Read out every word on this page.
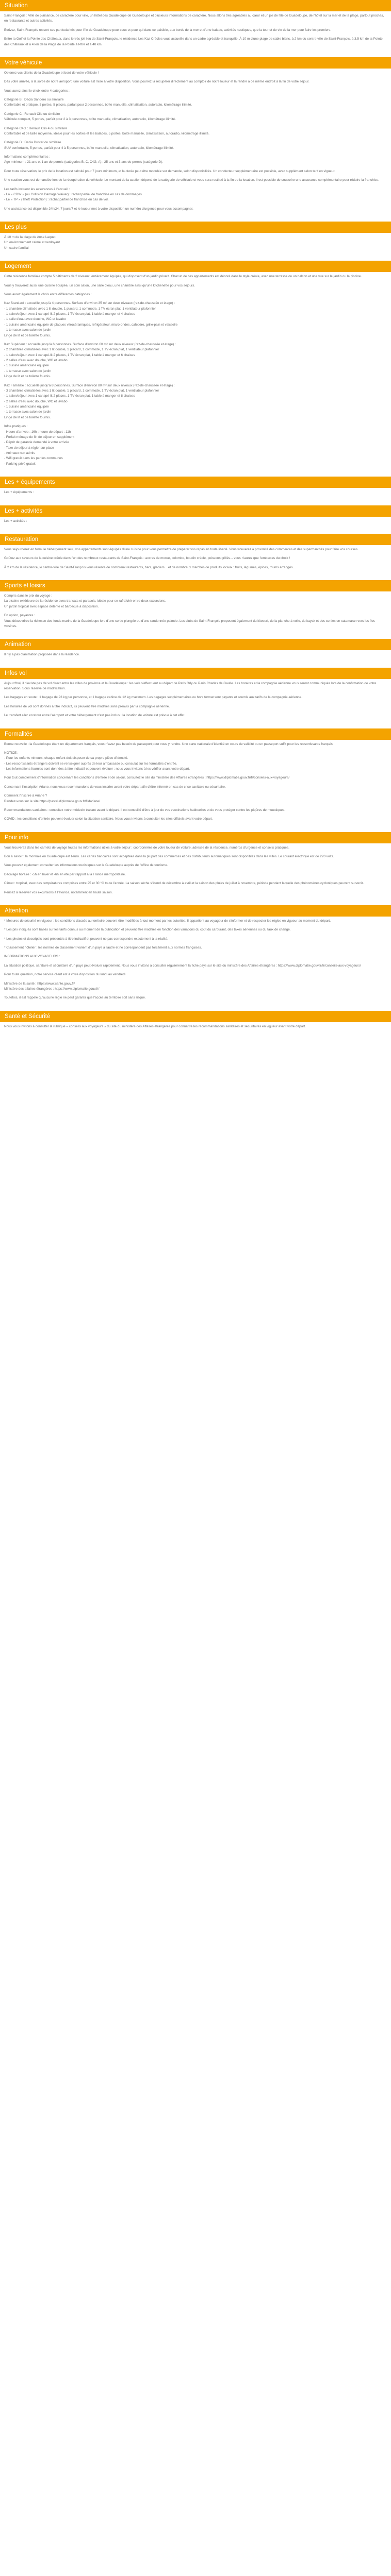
Situation

Saint-François : Ville de plaisance, de caractère pour ville, un hôtel des Guadeloupe de Guadeloupe et plusieurs informations de caractère. Nous allons très agréables au cœur et un joli de l'île de Guadeloupe, de l'hôtel sur la mer et de la plage, partout proches, en restaurants et autres activités.

Ecrivez, Saint-François ressort ses particularités pour l'île de Guadeloupe pour ceux et pour qui dans ce paisible, aux bords de la mer et d'une balade, activités nautiques, que la tour et de vie de la mer pour faire les premiers.

Entre la Golf et la Pointe des Châteaux, dans le très joli lieu de Saint-François, le résidence Les Kaz Créoles vous accueille dans un cadre agréable et tranquille. À 10 m d'une plage de sable blanc, à 2 km du centre-ville de Saint-François, à 3.5 km de la Pointe des Châteaux et à 4 km de la Plage de la Pointe à Pitre et à 40 km.

Votre véhicule

Obtenez vos clients de la Guadeloupe et bord de votre véhicule !

Dès votre arrivée, à la sortie de notre aéroport, une voiture est mise à votre disposition. Vous pourrez la récupérer directement au comptoir de notre loueur et la rendre à ce même endroit à la fin de votre séjour.

Vous aurez ainsi le choix entre 4 catégories :

Catégorie B : Dacia Sandero ou similaire
Confortable et pratique, 5 portes, 5 places, parfait pour 2 personnes, boîte manuelle, climatisation, autoradio, kilométrage illimité.

Catégorie C : Renault Clio ou similaire
Véhicule compact, 5 portes, parfait pour 2 à 3 personnes, boîte manuelle, climatisation, autoradio, kilométrage illimité.

Catégorie C4G : Renault Clio 4 ou similaire
Confortable et de taille moyenne, idéale pour les sorties et les balades, 5 portes, boîte manuelle, climatisation, autoradio, kilométrage illimité.

Catégorie D : Dacia Duster ou similaire
SUV confortable, 5 portes, parfait pour 4 à 5 personnes, boîte manuelle, climatisation, autoradio, kilométrage illimité.

Informations complémentaires :
Âge minimum : 21 ans et 1 an de permis (catégories B, C, C4G, A) ; 25 ans et 3 ans de permis (catégorie D).

Pour toute réservation, le prix de la location est calculé pour 7 jours minimum, et la durée peut être modulée sur demande, selon disponibilités. Un conducteur supplémentaire est possible, avec supplément selon tarif en vigueur.

Une caution vous est demandée lors de la récupération du véhicule. Le montant de la caution dépend de la catégorie de véhicule et vous sera restitué à la fin de la location. Il est possible de souscrire une assurance complémentaire pour réduire la franchise.

Les tarifs incluent les assurances à l'accueil :
- La « CDW » (ou Collision Damage Waiver) : rachat partiel de franchise en cas de dommages.
- Le « TP » (Theft Protection) : rachat partiel de franchise en cas de vol.

Une assistance est disponible 24h/24, 7 jours/7 et le loueur met à votre disposition un numéro d'urgence pour vous accompagner.

Les plus

À 10 m de la plage de Anse Laquet
Un environnement calme et verdoyant
Un cadre familial

Logement

Cette résidence familiale compte 5 bâtiments de 2 niveaux, entièrement équipés, qui disposent d'un jardin privatif. Chacun de ces appartements est décoré dans le style créole, avec une terrasse ou un balcon et une vue sur le jardin ou la piscine.

Vous y trouverez aussi une cuisine équipée, un coin salon, une salle d'eau, une chambre ainsi qu'une kitchenette pour vos séjours.

Vous aurez également le choix entre différentes catégories :

Kaz Standard : accueille jusqu'à 4 personnes. Surface d'environ 35 m² sur deux niveaux (rez-de-chaussée et étage) :
- 1 chambre climatisée avec 1 lit double, 1 placard, 1 commode, 1 TV écran plat, 1 ventilateur plafonnier
- 1 salon/séjour avec 1 canapé-lit 2 places, 1 TV écran plat, 1 table à manger et 4 chaises
- 1 salle d'eau avec douche, WC et lavabo
- 1 cuisine américaine équipée de plaques vitrocéramiques, réfrigérateur, micro-ondes, cafetière, grille-pain et vaisselle
- 1 terrasse avec salon de jardin
Linge de lit et de toilette fournis.

Kaz Supérieur : accueille jusqu'à 6 personnes. Surface d'environ 60 m² sur deux niveaux (rez-de-chaussée et étage) :
- 2 chambres climatisées avec 1 lit double, 1 placard, 1 commode, 1 TV écran plat, 1 ventilateur plafonnier
- 1 salon/séjour avec 1 canapé-lit 2 places, 1 TV écran plat, 1 table à manger et 6 chaises
- 2 salles d'eau avec douche, WC et lavabo
- 1 cuisine américaine équipée
- 1 terrasse avec salon de jardin
Linge de lit et de toilette fournis.

Kaz Familiale : accueille jusqu'à 8 personnes. Surface d'environ 80 m² sur deux niveaux (rez-de-chaussée et étage) :
- 3 chambres climatisées avec 1 lit double, 1 placard, 1 commode, 1 TV écran plat, 1 ventilateur plafonnier
- 1 salon/séjour avec 1 canapé-lit 2 places, 1 TV écran plat, 1 table à manger et 8 chaises
- 2 salles d'eau avec douche, WC et lavabo
- 1 cuisine américaine équipée
- 1 terrasse avec salon de jardin
Linge de lit et de toilette fournis.

Infos pratiques :
- Heure d'arrivée : 16h ; heure de départ : 11h
- Forfait ménage de fin de séjour en supplément
- Dépôt de garantie demandé à votre arrivée
- Taxe de séjour à régler sur place
- Animaux non admis
- Wifi gratuit dans les parties communes
- Parking privé gratuit

Les + équipements

Les + équipements :

Les + activités

Les + activités :

Restauration

Vous séjournerez en formule hébergement seul, vos appartements sont équipés d'une cuisine pour vous permettre de préparer vos repas en toute liberté. Vous trouverez à proximité des commerces et des supermarchés pour faire vos courses.

Goûtez aux saveurs de la cuisine créole dans l'un des nombreux restaurants de Saint-François : accras de morue, colombo, boudin créole, poissons grillés... vous n'aurez que l'embarras du choix !

À 2 km de la résidence, le centre-ville de Saint-François vous réserve de nombreux restaurants, bars, glaciers... et de nombreux marchés de produits locaux : fruits, légumes, épices, rhums arrangés...

Sports et loisirs

Compris dans le prix du voyage :
La piscine extérieure de la résidence avec transats et parasols, idéale pour se rafraîchir entre deux excursions.
Un jardin tropical avec espace détente et barbecue à disposition.

En option, payantes :
Vous découvrirez la richesse des fonds marins de la Guadeloupe lors d'une sortie plongée ou d'une randonnée palmée. Les clubs de Saint-François proposent également du kitesurf, de la planche à voile, du kayak et des sorties en catamaran vers les îles voisines.

Animation

Il n'y a pas d'animation proposée dans la résidence.

Infos vol

Aujourd'hui, il n'existe pas de vol direct entre les villes de province et la Guadeloupe : les vols s'effectuent au départ de Paris Orly ou Paris Charles de Gaulle. Les horaires et la compagnie aérienne vous seront communiqués lors de la confirmation de votre réservation. Sous réserve de modification.

Les bagages en soute : 1 bagage de 23 kg par personne, et 1 bagage cabine de 12 kg maximum. Les bagages supplémentaires ou hors format sont payants et soumis aux tarifs de la compagnie aérienne.

Les horaires de vol sont donnés à titre indicatif, ils peuvent être modifiés sans préavis par la compagnie aérienne.

Le transfert aller et retour entre l'aéroport et votre hébergement n'est pas inclus : la location de voiture est prévue à cet effet.

Formalités

Bonne nouvelle : la Guadeloupe étant un département français, vous n'avez pas besoin de passeport pour vous y rendre. Une carte nationale d'identité en cours de validité ou un passeport suffit pour les ressortissants français.

NOTICE :
- Pour les enfants mineurs, chaque enfant doit disposer de sa propre pièce d'identité.
- Les ressortissants étrangers doivent se renseigner auprès de leur ambassade ou consulat sur les formalités d'entrée.
- Les informations fournies sont données à titre indicatif et peuvent évoluer ; nous vous invitons à les vérifier avant votre départ.

Pour tout complément d'information concernant les conditions d'entrée et de séjour, consultez le site du ministère des Affaires étrangères : https://www.diplomatie.gouv.fr/fr/conseils-aux-voyageurs/

Concernant l'inscription Ariane, nous vous recommandons de vous inscrire avant votre départ afin d'être informé en cas de crise sanitaire ou sécuritaire.

Comment l'inscrire à Ariane ?
Rendez-vous sur le site https://pastel.diplomatie.gouv.fr/fildariane/

Recommandations sanitaires : consultez votre médecin traitant avant le départ. Il est conseillé d'être à jour de vos vaccinations habituelles et de vous protéger contre les piqûres de moustiques.

COVID : les conditions d'entrée peuvent évoluer selon la situation sanitaire. Nous vous invitons à consulter les sites officiels avant votre départ.

Pour info

Vous trouverez dans les carnets de voyage toutes les informations utiles à votre séjour : coordonnées de votre loueur de voiture, adresse de la résidence, numéros d'urgence et conseils pratiques.

Bon à savoir : la monnaie en Guadeloupe est l'euro. Les cartes bancaires sont acceptées dans la plupart des commerces et des distributeurs automatiques sont disponibles dans les villes. Le courant électrique est de 220 volts.

Vous pouvez également consulter les informations touristiques sur la Guadeloupe auprès de l'office de tourisme.

Décalage horaire : -5h en hiver et -6h en été par rapport à la France métropolitaine.

Climat : tropical, avec des températures comprises entre 25 et 30 °C toute l'année. La saison sèche s'étend de décembre à avril et la saison des pluies de juillet à novembre, période pendant laquelle des phénomènes cycloniques peuvent survenir.

Pensez à réserver vos excursions à l'avance, notamment en haute saison.

Attention

* Mesures de sécurité en vigueur : les conditions d'accès au territoire peuvent être modifiées à tout moment par les autorités. Il appartient au voyageur de s'informer et de respecter les règles en vigueur au moment du départ.

* Les prix indiqués sont basés sur les tarifs connus au moment de la publication et peuvent être modifiés en fonction des variations du coût du carburant, des taxes aériennes ou du taux de change.

* Les photos et descriptifs sont présentés à titre indicatif et peuvent ne pas correspondre exactement à la réalité.

* Classement hôtelier : les normes de classement varient d'un pays à l'autre et ne correspondent pas forcément aux normes françaises.

INFORMATIONS AUX VOYAGEURS :

La situation politique, sanitaire et sécuritaire d'un pays peut évoluer rapidement. Nous vous invitons à consulter régulièrement la fiche pays sur le site du ministère des Affaires étrangères : https://www.diplomatie.gouv.fr/fr/conseils-aux-voyageurs/

Pour toute question, notre service client est à votre disposition du lundi au vendredi.

Ministère de la santé : https://www.sante.gouv.fr/
Ministère des affaires étrangères : https://www.diplomatie.gouv.fr/

Toutefois, il est rappelé qu'aucune règle ne peut garantir que l'accès au territoire soit sans risque.

Santé et Sécurité

Nous vous invitons à consulter la rubrique « conseils aux voyageurs » du site du ministère des Affaires étrangères pour connaître les recommandations sanitaires et sécuritaires en vigueur avant votre départ.
